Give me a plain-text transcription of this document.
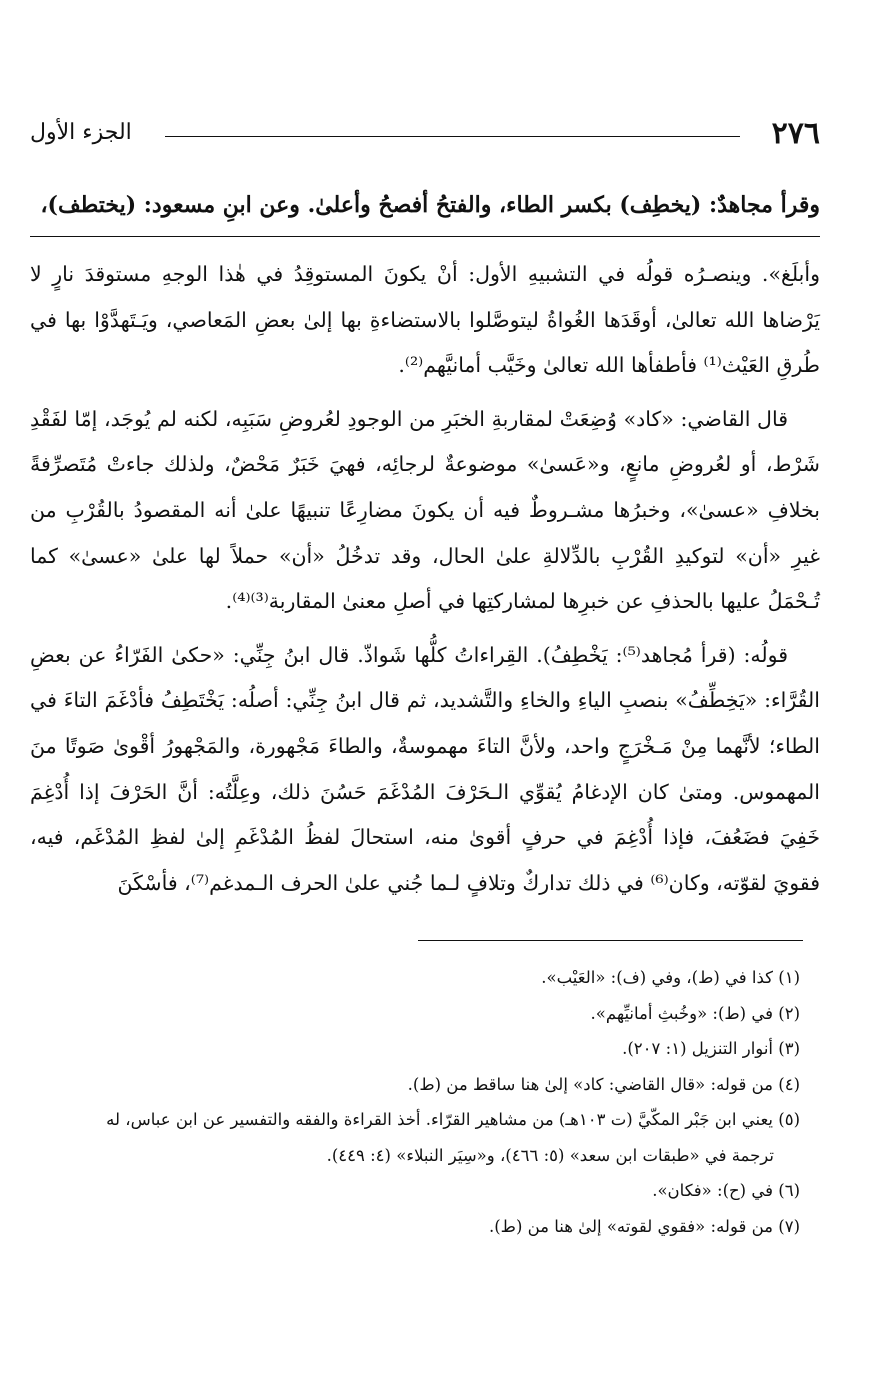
٢٧٦
الجزء الأول
وقرأ مجاهدٌ: (يخطِف) بكسر الطاء، والفتحُ أفصحُ وأعلىٰ. وعن ابنِ مسعود: (يختطف)،

وأبلَغ». وينصـرُه قولُه في التشبيهِ الأول: أنْ يكونَ المستوقِدُ في هٰذا الوجهِ مستوقدَ نارٍ لا يَرْضاها الله تعالىٰ، أوقَدَها الغُواةُ ليتوصَّلوا بالاستضاءةِ بها إلىٰ بعضِ المَعاصي، ويَـتَهدَّوْا بها في طُرقِ العَيْث⁽¹⁾ فأطفأها الله تعالىٰ وخَيَّب أمانيَّهم⁽²⁾.

قال القاضي: «كاد» وُضِعَتْ لمقاربةِ الخبَرِ من الوجودِ لعُروضِ سَبَبِه، لكنه لم يُوجَد، إمّا لفَقْدِ شَرْط، أو لعُروضِ مانعٍ، و«عَسىٰ» موضوعةٌ لرجائِه، فهيَ خَبَرٌ مَحْضٌ، ولذلك جاءتْ مُتَصرِّفةً بخلافِ «عسىٰ»، وخبرُها مشـروطٌ فيه أن يكونَ مضارِعًا تنبيهًا علىٰ أنه المقصودُ بالقُرْبِ من غيرِ «أن» لتوكيدِ القُرْبِ بالدِّلالةِ علىٰ الحال، وقد تدخُلُ «أن» حملاً لها علىٰ «عسىٰ» كما تُـحْمَلُ عليها بالحذفِ عن خبرِها لمشاركتِها في أصلِ معنىٰ المقاربة⁽³⁾⁽⁴⁾.

قولُه: (قرأ مُجاهد⁽⁵⁾: يَخْطِفُ). القِراءاتُ كلُّها شَواذّ. قال ابنُ جِنِّي: «حكىٰ الفَرّاءُ عن بعضِ القُرَّاء: «يَخِطِّفُ» بنصبِ الياءِ والخاءِ والتَّشديد، ثم قال ابنُ جِنِّي: أصلُه: يَخْتَطِفُ فأدْغَمَ التاءَ في الطاء؛ لأنَّهما مِنْ مَـخْرَجٍ واحد، ولأنَّ التاءَ مهموسةٌ، والطاءَ مَجْهورة، والمَجْهورُ أقْوىٰ صَوتًا منَ المهموس. ومتىٰ كان الإدغامُ يُقوِّي الـحَرْفَ المُدْغَمَ حَسُنَ ذلك، وعِلَّتُه: أنَّ الحَرْفَ إذا أُدْغِمَ خَفِيَ فضَعُفَ، فإذا أُدْغِمَ في حرفٍ أقوىٰ منه، استحالَ لفظُ المُدْغَمِ إلىٰ لفظِ المُدْغَم، فيه، فقويَ لقوّته، وكان⁽⁶⁾ في ذلك تداركٌ وتلافٍ لـما جُني علىٰ الحرف الـمدغم⁽⁷⁾، فأسْكَنَ

(١) كذا في (ط)، وفي (ف): «العَيْب».

(٢) في (ط): «وخُبثِ أمانيِّهم».

(٣) أنوار التنزيل (١: ٢٠٧).

(٤) من قوله: «قال القاضي: كاد» إلىٰ هنا ساقط من (ط).

(٥) يعني ابن جَبْر المكّيَّ (ت ١٠٣هـ) من مشاهير القرّاء. أخذ القراءة والفقه والتفسير عن ابن عباس، له

ترجمة في «طبقات ابن سعد» (٥: ٤٦٦)، و«سِيَر النبلاء» (٤: ٤٤٩).

(٦) في (ح): «فكان».

(٧) من قوله: «فقوي لقوته» إلىٰ هنا من (ط).
